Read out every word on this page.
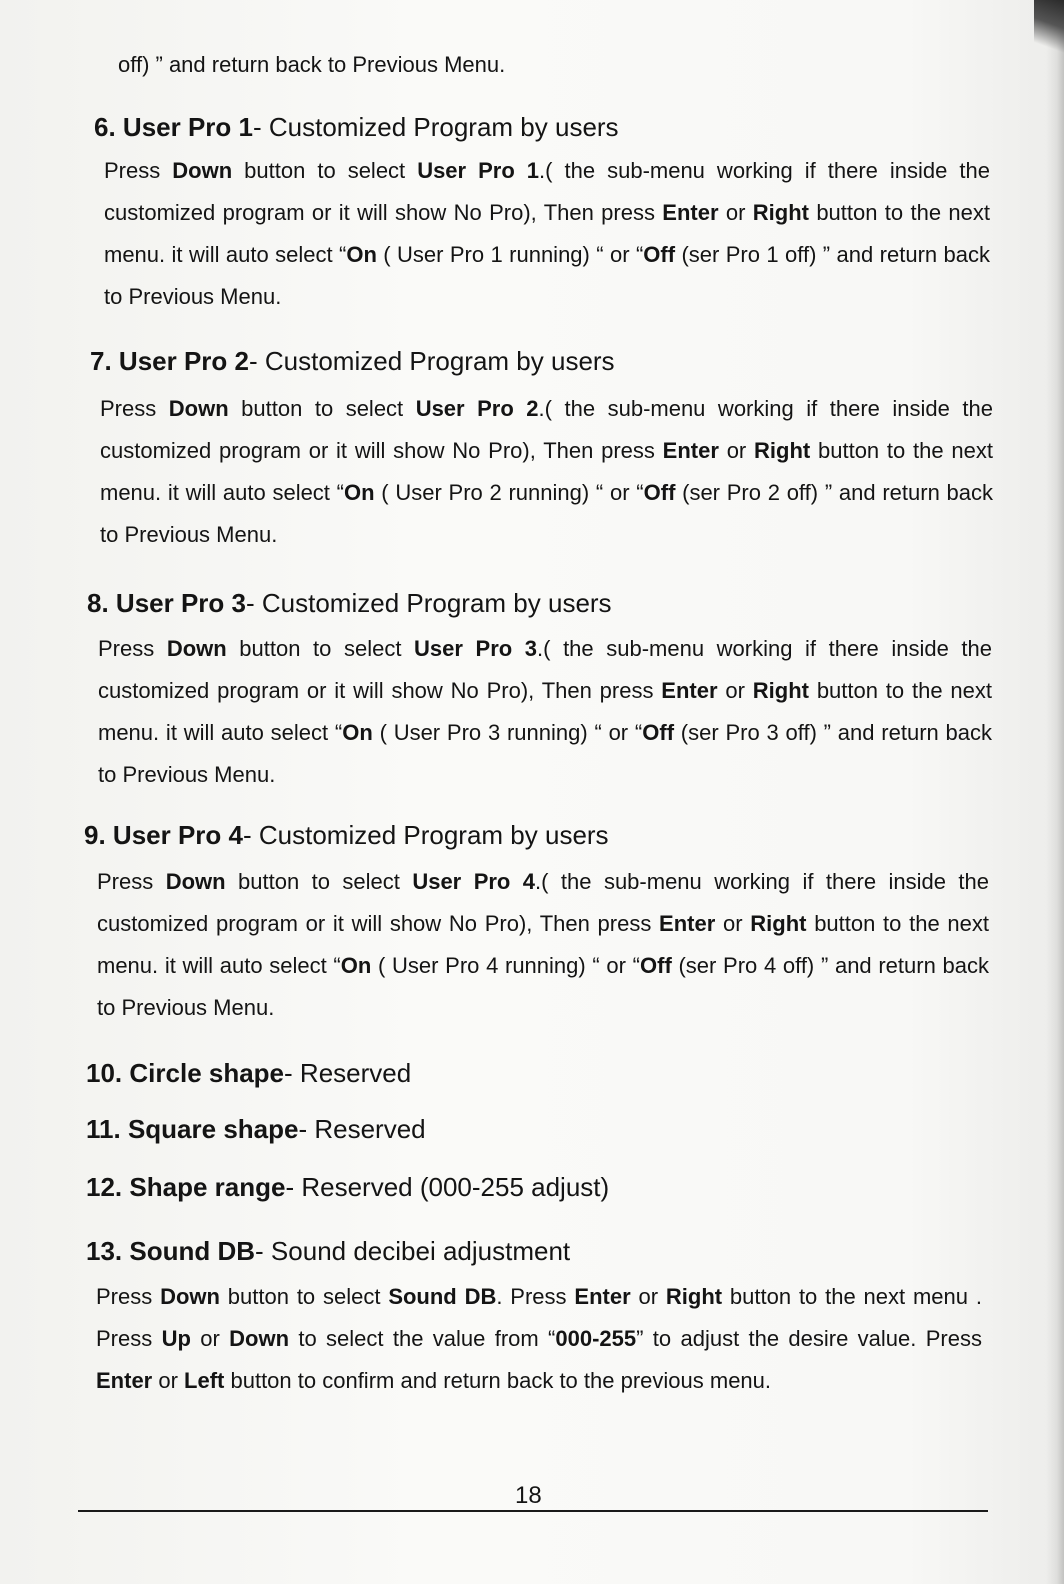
off) ” and return back to Previous Menu.
6. User Pro 1- Customized Program by users
Press Down button to select User Pro 1.( the sub-menu working if there inside the customized program or it will show No Pro), Then press Enter or Right button to the next menu. it will auto select “On ( User Pro 1 running) “ or “Off (ser Pro 1 off) ” and return back to Previous Menu.
7. User Pro 2- Customized Program by users
Press Down button to select User Pro 2.( the sub-menu working if there inside the customized program or it will show No Pro), Then press Enter or Right button to the next menu. it will auto select “On ( User Pro 2 running) “ or “Off (ser Pro 2 off) ” and return back to Previous Menu.
8. User Pro 3- Customized Program by users
Press Down button to select User Pro 3.( the sub-menu working if there inside the customized program or it will show No Pro), Then press Enter or Right button to the next menu. it will auto select “On ( User Pro 3 running) “ or “Off (ser Pro 3 off) ” and return back to Previous Menu.
9. User Pro 4- Customized Program by users
Press Down button to select User Pro 4.( the sub-menu working if there inside the customized program or it will show No Pro), Then press Enter or Right button to the next menu. it will auto select “On ( User Pro 4 running) “ or “Off (ser Pro 4 off) ” and return back to Previous Menu.
10. Circle shape- Reserved
11. Square shape- Reserved
12. Shape range- Reserved (000-255 adjust)
13. Sound DB- Sound decibei adjustment
Press Down button to select Sound DB. Press Enter or Right button to the next menu . Press Up or Down to select the value from “000-255” to adjust the desire value. Press Enter or Left button to confirm and return back to the previous menu.
18
